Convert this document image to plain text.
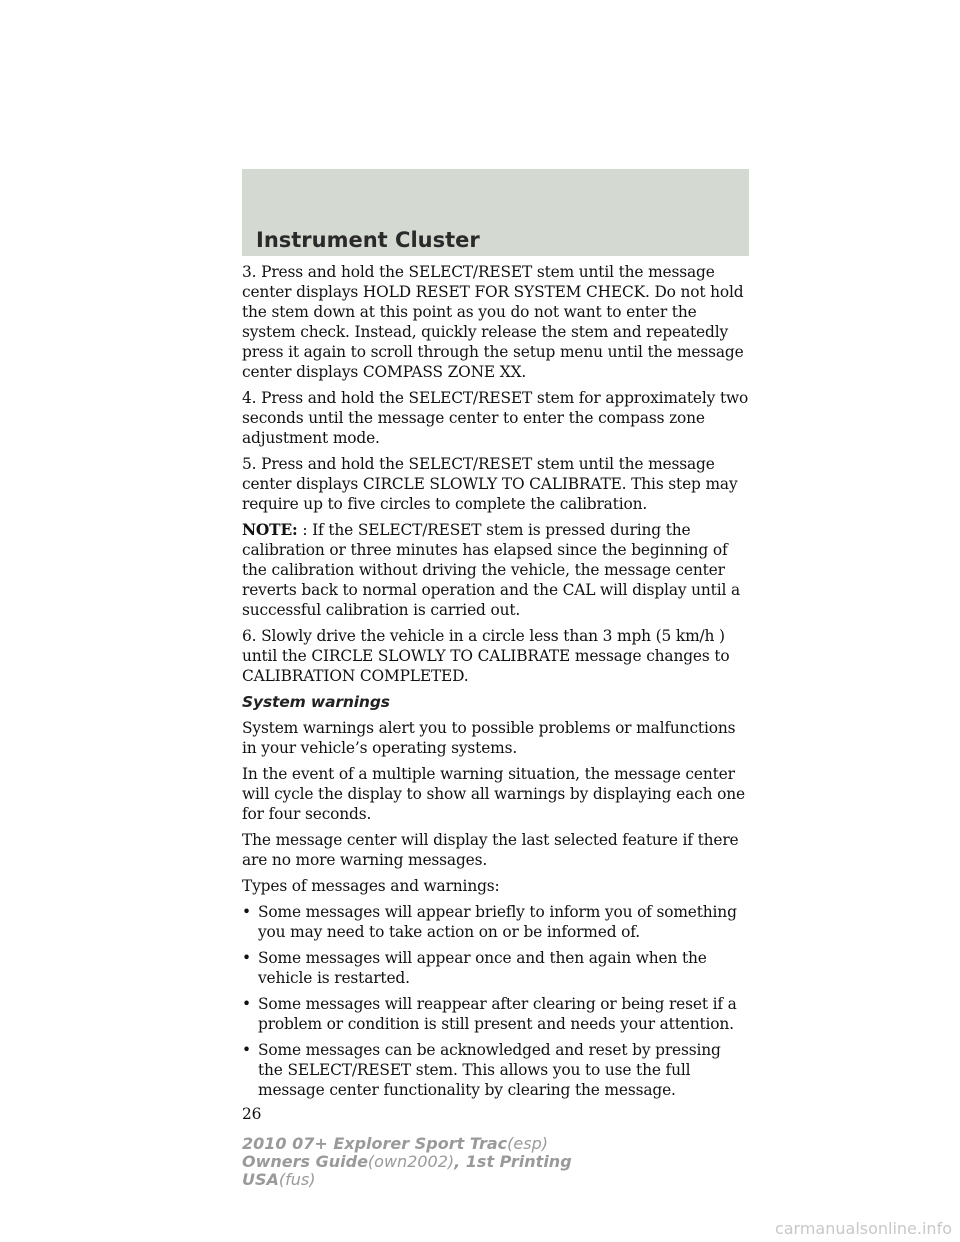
Instrument Cluster

3. Press and hold the SELECT/RESET stem until the message center displays HOLD RESET FOR SYSTEM CHECK. Do not hold the stem down at this point as you do not want to enter the system check. Instead, quickly release the stem and repeatedly press it again to scroll through the setup menu until the message center displays COMPASS ZONE XX.

4. Press and hold the SELECT/RESET stem for approximately two seconds until the message center to enter the compass zone adjustment mode.

5. Press and hold the SELECT/RESET stem until the message center displays CIRCLE SLOWLY TO CALIBRATE. This step may require up to five circles to complete the calibration.

NOTE: : If the SELECT/RESET stem is pressed during the calibration or three minutes has elapsed since the beginning of the calibration without driving the vehicle, the message center reverts back to normal operation and the CAL will display until a successful calibration is carried out.

6. Slowly drive the vehicle in a circle less than 3 mph (5 km/h ) until the CIRCLE SLOWLY TO CALIBRATE message changes to CALIBRATION COMPLETED.

System warnings

System warnings alert you to possible problems or malfunctions in your vehicle’s operating systems.

In the event of a multiple warning situation, the message center will cycle the display to show all warnings by displaying each one for four seconds.

The message center will display the last selected feature if there are no more warning messages.

Types of messages and warnings:

• Some messages will appear briefly to inform you of something you may need to take action on or be informed of.
• Some messages will appear once and then again when the vehicle is restarted.
• Some messages will reappear after clearing or being reset if a problem or condition is still present and needs your attention.
• Some messages can be acknowledged and reset by pressing the SELECT/RESET stem. This allows you to use the full message center functionality by clearing the message.
26
2010 07+ Explorer Sport Trac(esp)
Owners Guide(own2002), 1st Printing
USA(fus)
carmanualsonline.info
